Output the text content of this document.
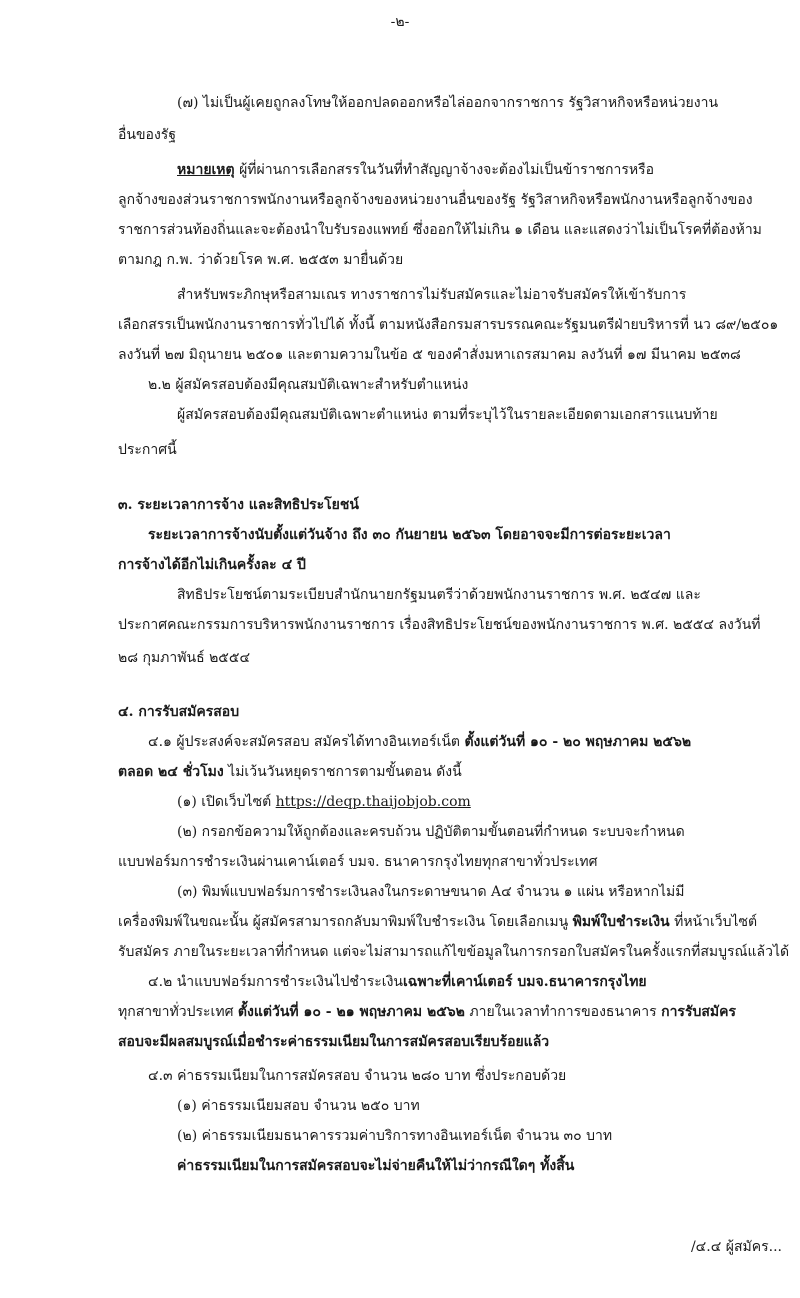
-๒-
(๗) ไม่เป็นผู้เคยถูกลงโทษให้ออกปลดออกหรือไล่ออกจากราชการ รัฐวิสาหกิจหรือหน่วยงาน
อื่นของรัฐ
หมายเหตุ ผู้ที่ผ่านการเลือกสรรในวันที่ทำสัญญาจ้างจะต้องไม่เป็นข้าราชการหรือ
ลูกจ้างของส่วนราชการพนักงานหรือลูกจ้างของหน่วยงานอื่นของรัฐ รัฐวิสาหกิจหรือพนักงานหรือลูกจ้างของ
ราชการส่วนท้องถิ่นและจะต้องนำใบรับรองแพทย์ ซึ่งออกให้ไม่เกิน ๑ เดือน และแสดงว่าไม่เป็นโรคที่ต้องห้าม
ตามกฎ ก.พ. ว่าด้วยโรค พ.ศ. ๒๕๕๓ มายื่นด้วย
สำหรับพระภิกษุหรือสามเณร ทางราชการไม่รับสมัครและไม่อาจรับสมัครให้เข้ารับการ
เลือกสรรเป็นพนักงานราชการทั่วไปได้ ทั้งนี้ ตามหนังสือกรมสารบรรณคณะรัฐมนตรีฝ่ายบริหารที่ นว ๘๙/๒๕๐๑
ลงวันที่ ๒๗ มิถุนายน ๒๕๐๑ และตามความในข้อ ๕ ของคำสั่งมหาเถรสมาคม ลงวันที่ ๑๗ มีนาคม ๒๕๓๘
๒.๒ ผู้สมัครสอบต้องมีคุณสมบัติเฉพาะสำหรับตำแหน่ง
ผู้สมัครสอบต้องมีคุณสมบัติเฉพาะตำแหน่ง ตามที่ระบุไว้ในรายละเอียดตามเอกสารแนบท้าย
ประกาศนี้
๓. ระยะเวลาการจ้าง และสิทธิประโยชน์
ระยะเวลาการจ้างนับตั้งแต่วันจ้าง ถึง ๓๐ กันยายน ๒๕๖๓ โดยอาจจะมีการต่อระยะเวลา
การจ้างได้อีกไม่เกินครั้งละ ๔ ปี
สิทธิประโยชน์ตามระเบียบสำนักนายกรัฐมนตรีว่าด้วยพนักงานราชการ พ.ศ. ๒๕๔๗ และ
ประกาศคณะกรรมการบริหารพนักงานราชการ เรื่องสิทธิประโยชน์ของพนักงานราชการ พ.ศ. ๒๕๕๔ ลงวันที่
๒๘ กุมภาพันธ์ ๒๕๕๔
๔. การรับสมัครสอบ
๔.๑ ผู้ประสงค์จะสมัครสอบ สมัครได้ทางอินเทอร์เน็ต ตั้งแต่วันที่ ๑๐ - ๒๐ พฤษภาคม ๒๕๖๒
ตลอด ๒๔ ชั่วโมง ไม่เว้นวันหยุดราชการตามขั้นตอน ดังนี้
(๑) เปิดเว็บไซต์ https://deqp.thaijobjob.com
(๒) กรอกข้อความให้ถูกต้องและครบถ้วน ปฏิบัติตามขั้นตอนที่กำหนด ระบบจะกำหนด
แบบฟอร์มการชำระเงินผ่านเคาน์เตอร์ บมจ. ธนาคารกรุงไทยทุกสาขาทั่วประเทศ
(๓) พิมพ์แบบฟอร์มการชำระเงินลงในกระดาษขนาด A๔ จำนวน ๑ แผ่น หรือหากไม่มี
เครื่องพิมพ์ในขณะนั้น ผู้สมัครสามารถกลับมาพิมพ์ใบชำระเงิน โดยเลือกเมนู พิมพ์ใบชำระเงิน ที่หน้าเว็บไซต์
รับสมัคร ภายในระยะเวลาที่กำหนด แต่จะไม่สามารถแก้ไขข้อมูลในการกรอกใบสมัครในครั้งแรกที่สมบูรณ์แล้วได้
๔.๒ นำแบบฟอร์มการชำระเงินไปชำระเงินเฉพาะที่เคาน์เตอร์ บมจ.ธนาคารกรุงไทย
ทุกสาขาทั่วประเทศ ตั้งแต่วันที่ ๑๐ - ๒๑ พฤษภาคม ๒๕๖๒ ภายในเวลาทำการของธนาคาร การรับสมัคร
สอบจะมีผลสมบูรณ์เมื่อชำระค่าธรรมเนียมในการสมัครสอบเรียบร้อยแล้ว
๔.๓ ค่าธรรมเนียมในการสมัครสอบ จำนวน ๒๘๐ บาท ซึ่งประกอบด้วย
(๑) ค่าธรรมเนียมสอบ จำนวน ๒๕๐ บาท
(๒) ค่าธรรมเนียมธนาคารรวมค่าบริการทางอินเทอร์เน็ต จำนวน ๓๐ บาท
ค่าธรรมเนียมในการสมัครสอบจะไม่จ่ายคืนให้ไม่ว่ากรณีใดๆ ทั้งสิ้น
/๔.๔ ผู้สมัคร...
